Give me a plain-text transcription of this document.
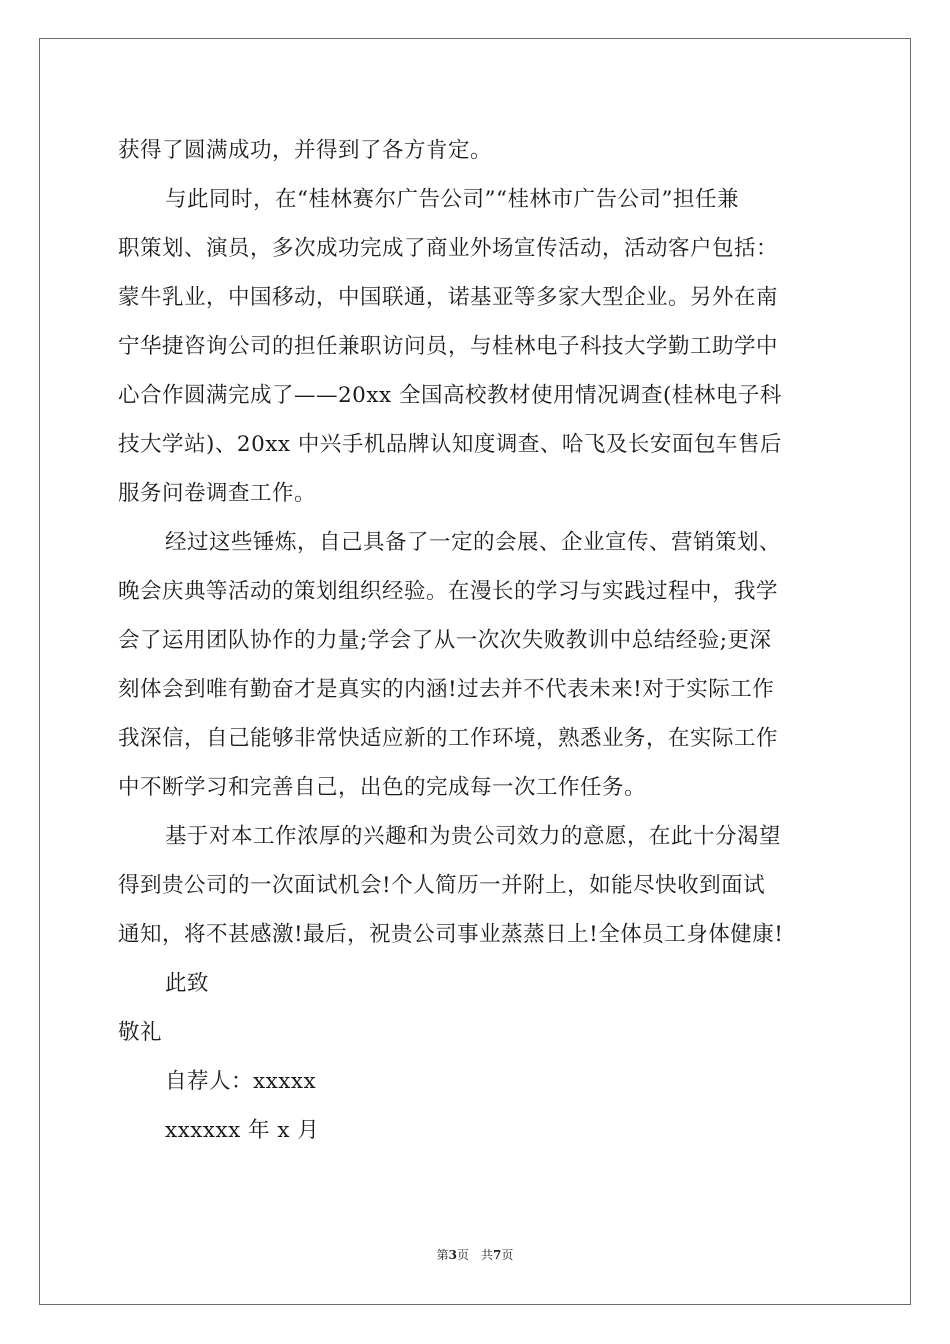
获得了圆满成功，并得到了各方肯定。
与此同时，在“桂林赛尔广告公司”“桂林市广告公司”担任兼
职策划、演员，多次成功完成了商业外场宣传活动，活动客户包括：
蒙牛乳业，中国移动，中国联通，诺基亚等多家大型企业。另外在南
宁华捷咨询公司的担任兼职访问员，与桂林电子科技大学勤工助学中
心合作圆满完成了——20xx 全国高校教材使用情况调查(桂林电子科
技大学站)、20xx 中兴手机品牌认知度调查、哈飞及长安面包车售后
服务问卷调查工作。
经过这些锤炼，自己具备了一定的会展、企业宣传、营销策划、
晚会庆典等活动的策划组织经验。在漫长的学习与实践过程中，我学
会了运用团队协作的力量;学会了从一次次失败教训中总结经验;更深
刻体会到唯有勤奋才是真实的内涵!过去并不代表未来!对于实际工作
我深信，自己能够非常快适应新的工作环境，熟悉业务，在实际工作
中不断学习和完善自己，出色的完成每一次工作任务。
基于对本工作浓厚的兴趣和为贵公司效力的意愿，在此十分渴望
得到贵公司的一次面试机会!个人简历一并附上，如能尽快收到面试
通知，将不甚感激!最后，祝贵公司事业蒸蒸日上!全体员工身体健康!
此致
敬礼
自荐人：xxxxx
xxxxxx 年 x 月
第3页 共7页
